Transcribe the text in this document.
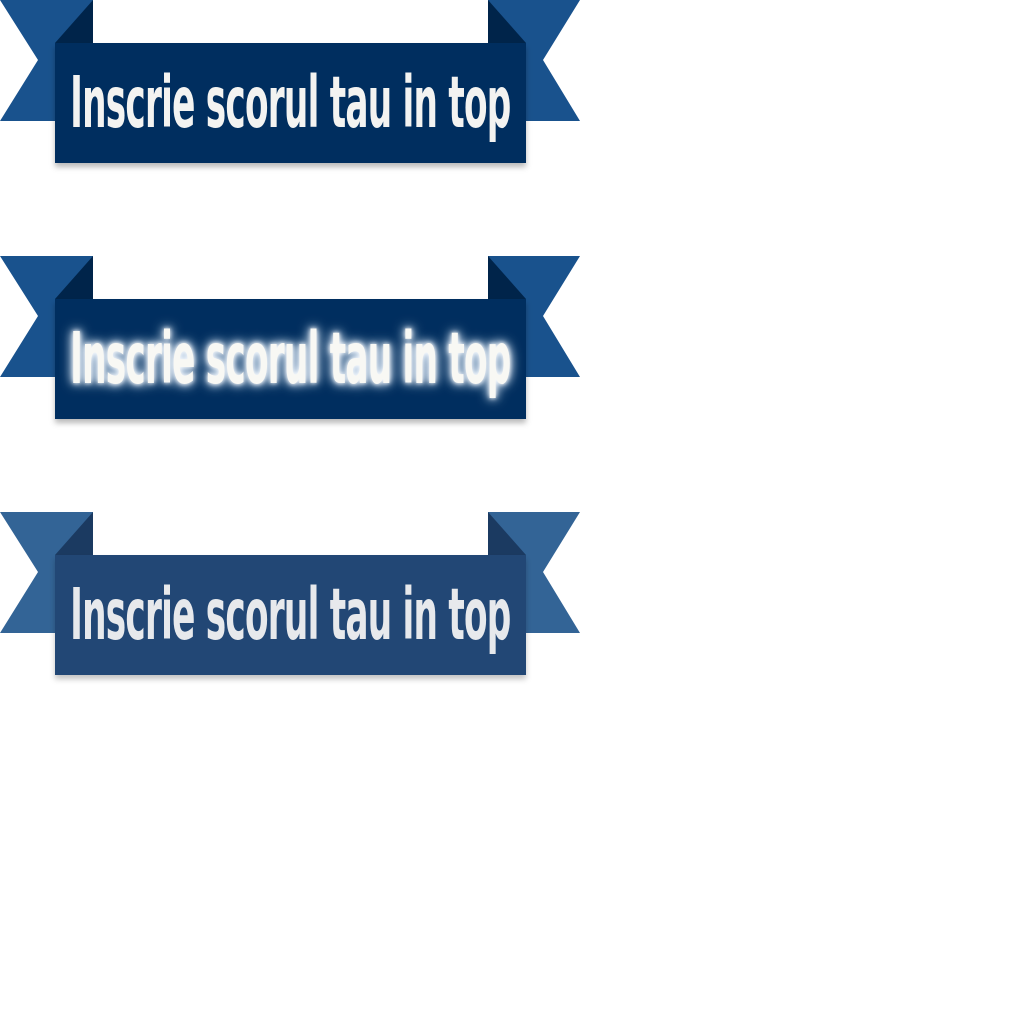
Inscrie scorul tau in top
Inscrie scorul tau in top
Inscrie scorul tau in top
